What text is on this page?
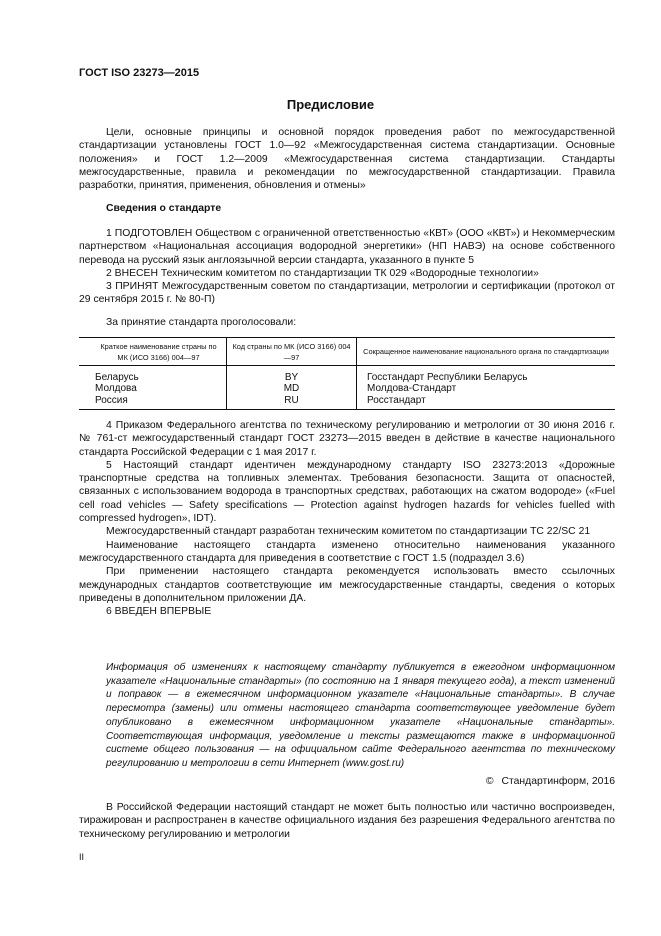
ГОСТ ISO 23273—2015
Предисловие

Цели, основные принципы и основной порядок проведения работ по межгосударственной стандартизации установлены ГОСТ 1.0—92 «Межгосударственная система стандартизации. Основные положения» и ГОСТ 1.2—2009 «Межгосударственная система стандартизации. Стандарты межгосударственные, правила и рекомендации по межгосударственной стандартизации. Правила разработки, принятия, применения, обновления и отмены»

Сведения о стандарте

1 ПОДГОТОВЛЕН Обществом с ограниченной ответственностью «КВТ» (ООО «КВТ») и Некоммерческим партнерством «Национальная ассоциация водородной энергетики» (НП НАВЭ) на основе собственного перевода на русский язык англоязычной версии стандарта, указанного в пункте 5

2 ВНЕСЕН Техническим комитетом по стандартизации ТК 029 «Водородные технологии»

3 ПРИНЯТ Межгосударственным советом по стандартизации, метрологии и сертификации (протокол от 29 сентября 2015 г. № 80-П)

За принятие стандарта проголосовали:

Краткое наименование страны по МК (ИСО 3166) 004—97	Код страны по МК (ИСО 3166) 004—97	Сокращенное наименование национального органа по стандартизации
Беларусь	BY	Госстандарт Республики Беларусь
Молдова	MD	Молдова-Стандарт
Россия	RU	Росстандарт

4 Приказом Федерального агентства по техническому регулированию и метрологии от 30 июня 2016 г. № 761-ст межгосударственный стандарт ГОСТ 23273—2015 введен в действие в качестве национального стандарта Российской Федерации с 1 мая 2017 г.

5 Настоящий стандарт идентичен международному стандарту ISO 23273:2013 «Дорожные транспортные средства на топливных элементах. Требования безопасности. Защита от опасностей, связанных с использованием водорода в транспортных средствах, работающих на сжатом водороде» («Fuel cell road vehicles — Safety specifications — Protection against hydrogen hazards for vehicles fuelled with compressed hydrogen», IDT).

Межгосударственный стандарт разработан техническим комитетом по стандартизации TC 22/SC 21

Наименование настоящего стандарта изменено относительно наименования указанного межгосударственного стандарта для приведения в соответствие с ГОСТ 1.5 (подраздел 3.6)

При применении настоящего стандарта рекомендуется использовать вместо ссылочных международных стандартов соответствующие им межгосударственные стандарты, сведения о которых приведены в дополнительном приложении ДА.

6 ВВЕДЕН ВПЕРВЫЕ

Информация об изменениях к настоящему стандарту публикуется в ежегодном информационном указателе «Национальные стандарты» (по состоянию на 1 января текущего года), а текст изменений и поправок — в ежемесячном информационном указателе «Национальные стандарты». В случае пересмотра (замены) или отмены настоящего стандарта соответствующее уведомление будет опубликовано в ежемесячном информационном указателе «Национальные стандарты». Соответствующая информация, уведомление и тексты размещаются также в информационной системе общего пользования — на официальном сайте Федерального агентства по техническому регулированию и метрологии в сети Интернет (www.gost.ru)

© Стандартинформ, 2016

В Российской Федерации настоящий стандарт не может быть полностью или частично воспроизведен, тиражирован и распространен в качестве официального издания без разрешения Федерального агентства по техническому регулированию и метрологии

II
